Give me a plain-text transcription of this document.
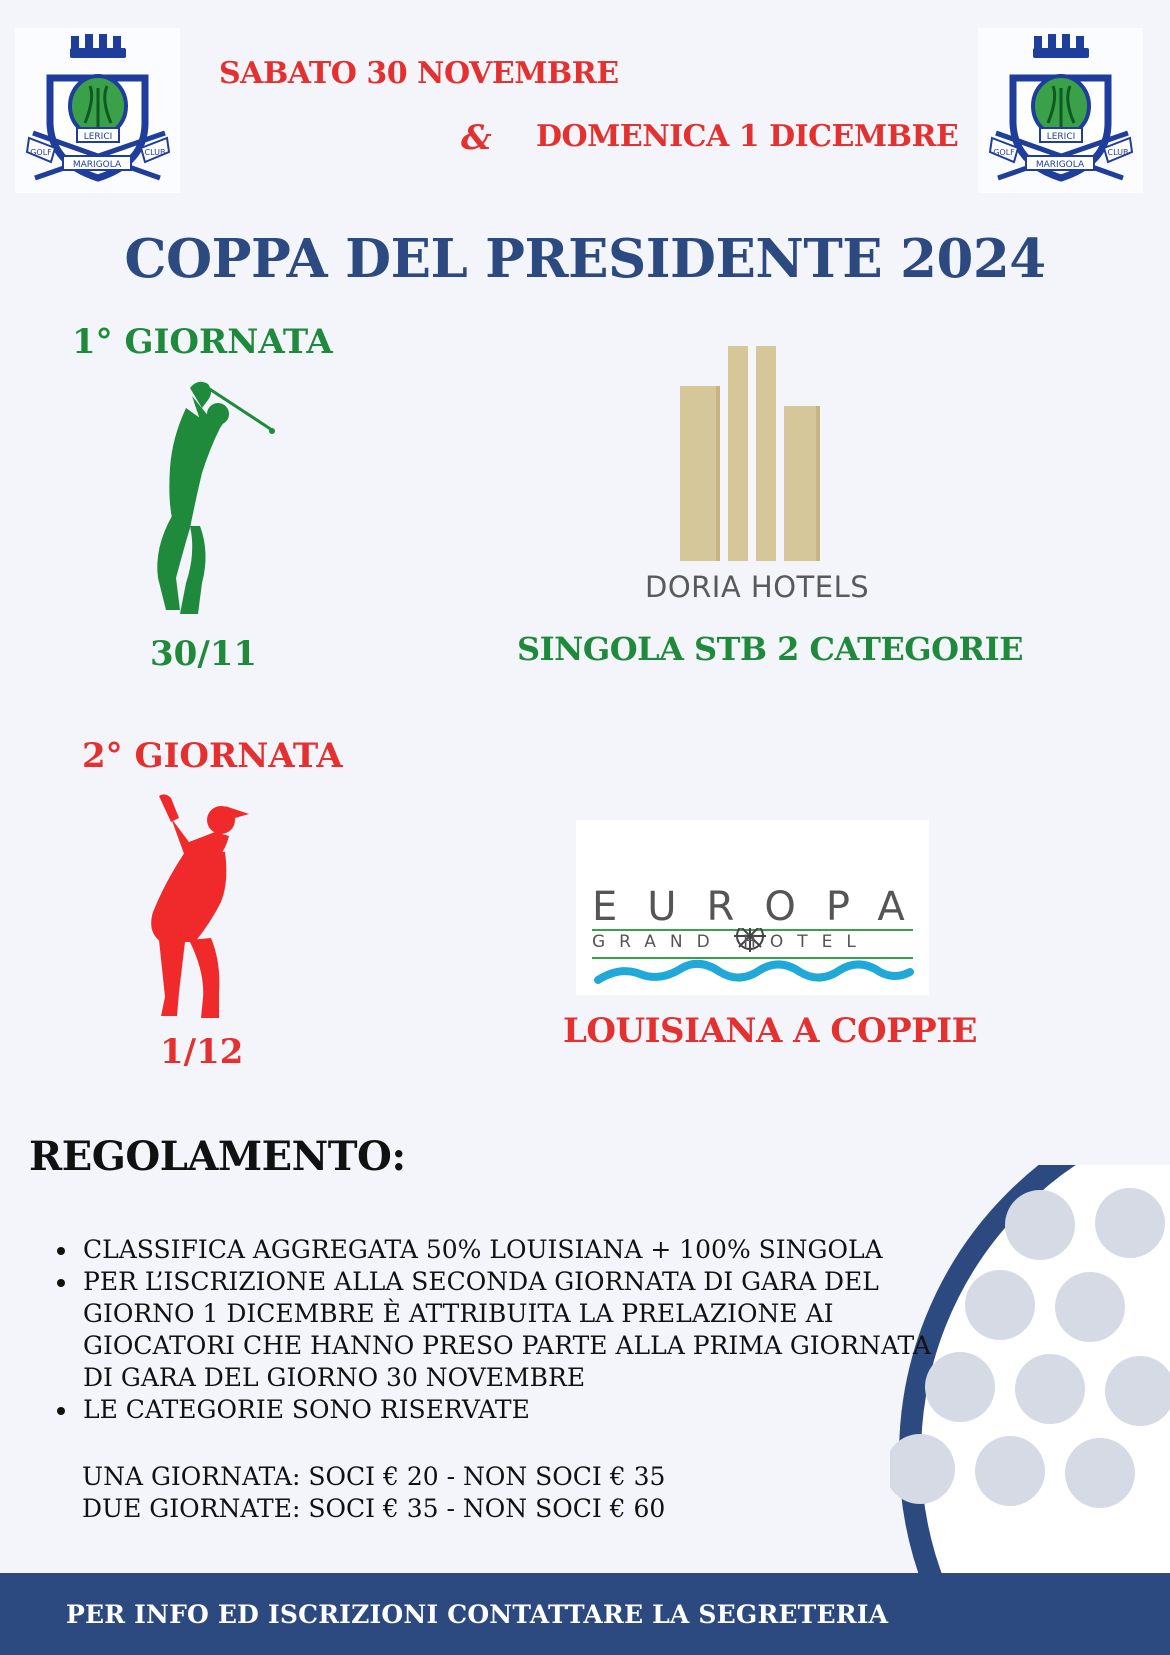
LERICI
MARIGOLA
GOLF	CLUB
LERICI
MARIGOLA
GOLF	CLUB
SABATO 30 NOVEMBRE
& DOMENICA 1 DICEMBRE
COPPA DEL PRESIDENTE 2024
1° GIORNATA
30/11
DORIA HOTELS
SINGOLA STB 2 CATEGORIE
2° GIORNATA
1/12
EUROPA
GRAND HOTEL
LOUISIANA A COPPIE
REGOLAMENTO:
• CLASSIFICA AGGREGATA 50% LOUISIANA + 100% SINGOLA
• PER L’ISCRIZIONE ALLA SECONDA GIORNATA DI GARA DEL GIORNO 1 DICEMBRE È ATTRIBUITA LA PRELAZIONE AI GIOCATORI CHE HANNO PRESO PARTE ALLA PRIMA GIORNATA DI GARA DEL GIORNO 30 NOVEMBRE
• LE CATEGORIE SONO RISERVATE
UNA GIORNATA: SOCI € 20 - NON SOCI € 35
DUE GIORNATE: SOCI € 35 - NON SOCI € 60
PER INFO ED ISCRIZIONI CONTATTARE LA SEGRETERIA
